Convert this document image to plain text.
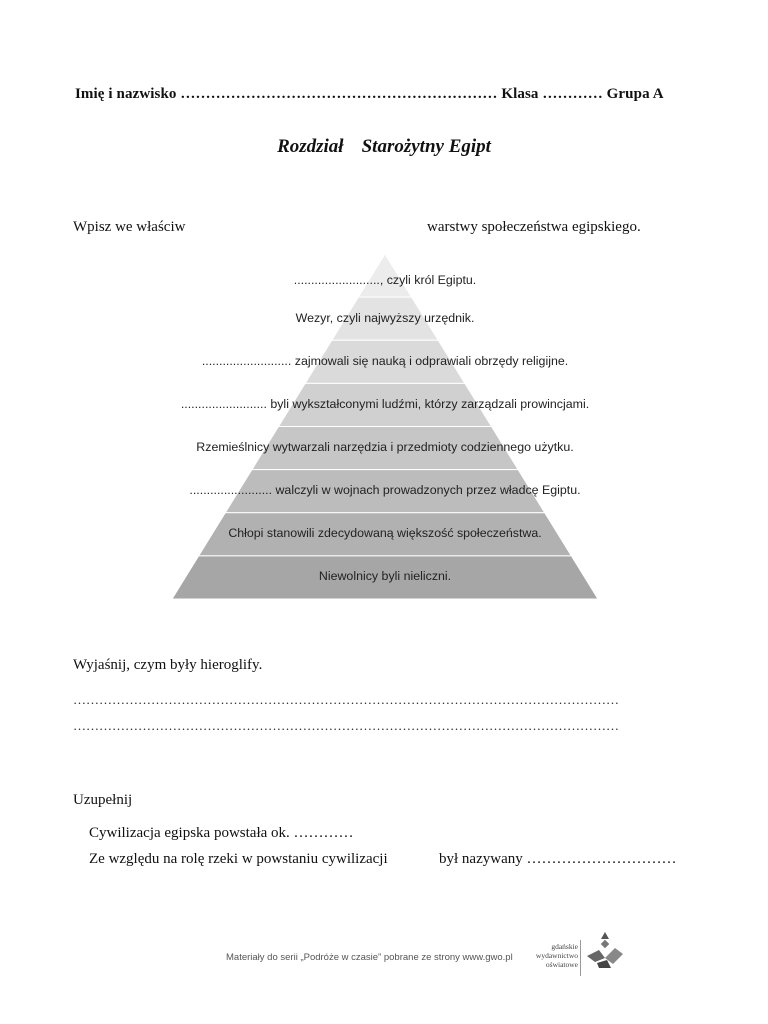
Imię i nazwisko ……………………………………………………… Klasa ………… Grupa A
Rozdział Starożytny Egipt
Wpisz we właściw	warstwy społeczeństwa egipskiego.
........................., czyli król Egiptu.
Wezyr, czyli najwyższy urzędnik.
.......................... zajmowali się nauką i odprawiali obrzędy religijne.
......................... byli wykształconymi ludźmi, którzy zarządzali prowincjami.
Rzemieślnicy wytwarzali narzędzia i przedmioty codziennego użytku.
........................ walczyli w wojnach prowadzonych przez władcę Egiptu.
Chłopi stanowili zdecydowaną większość społeczeństwa.
Niewolnicy byli nieliczni.
Wyjaśnij, czym były hieroglify.
………………………………………………………………………………………………………………
………………………………………………………………………………………………………………
Uzupełnij
Cywilizacja egipska powstała ok. …………
Ze względu na rolę rzeki w powstaniu cywilizacji	był nazywany …………………………
Materiały do serii „Podróże w czasie” pobrane ze strony www.gwo.pl
gdańskie wydawnictwo oświatowe
